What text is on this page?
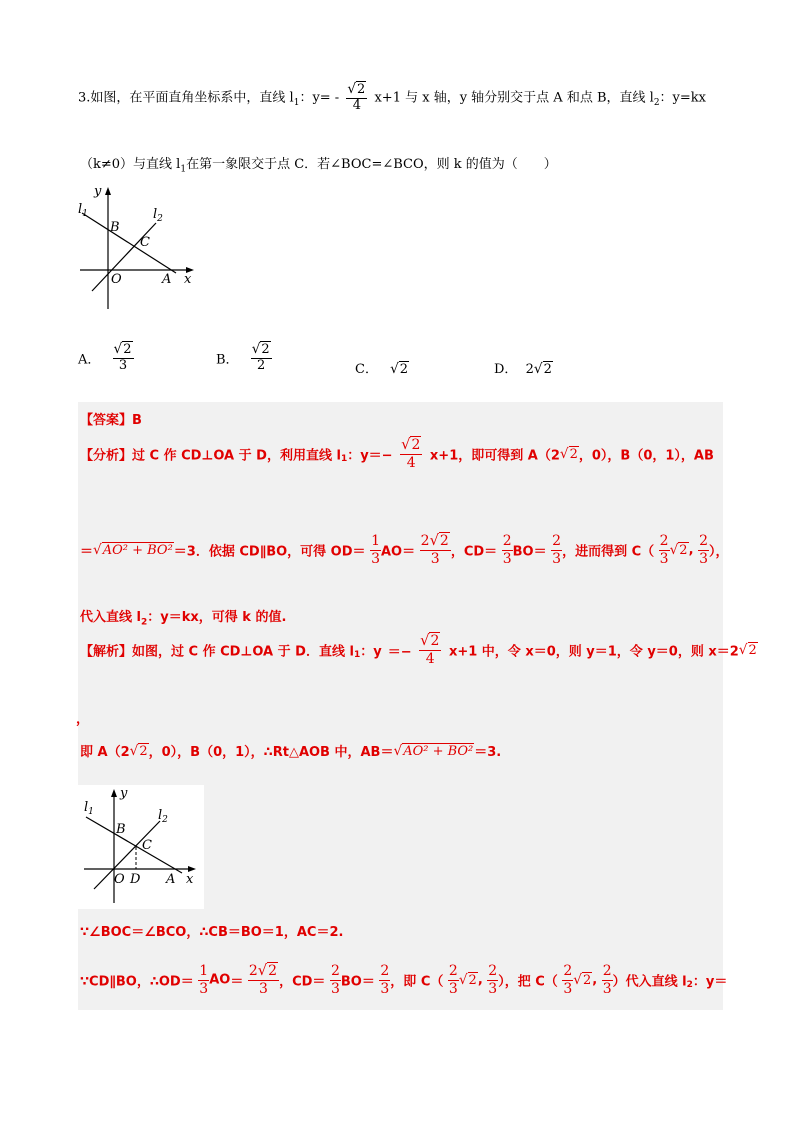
3.如图，在平面直角坐标系中，直线 $l_1$：$y= - \frac{√2}{4} x+1$ 与 x 轴，y 轴分别交于点 A 和点 B，直线 $l_2$：y=kx
（k≠0）与直线 $l_1$在第一象限交于点 C．若∠BOC=∠BCO，则 k 的值为（　　）
y
$l_1$	$l_2$
B
C
O	A x
A． $\frac{√2}{3}$	B． $\frac{√2}{2}$	C． √2	D． 2√2
【答案】B
【分析】过 C 作 CD⊥OA 于 D，利用直线 $l_1$：$y=- \frac{√2}{4} x+1$，即可得到 A（2√2，0），B（0，1），AB
＝√AO² + BO²＝3．依据 CD∥BO，可得 $OD= \frac{1}{3} AO= \frac{2√2}{3}$ ，$CD= \frac{2}{3} BO= \frac{2}{3}$ ，进而得到 $C( \frac{2}{3} √2$, $\frac{2}{3}$ ），
代入直线 $l_2$：y＝kx，可得 k 的值.
【解析】如图，过 C 作 CD⊥OA 于 D．直线 $l_1$：$y =- \frac{√2}{4} x+1$ 中，令 x＝0，则 y＝1，令 y＝0，则 x＝2√2
，
即 A（2√2，0），B（0，1），∴Rt△AOB 中，AB＝√AO² + BO²＝3.
y
$l_1$	$l_2$
B
C
O D A x
∵∠BOC＝∠BCO，∴CB＝BO＝1，AC＝2.
∵CD∥BO，∴OD＝ $\frac{1}{3} AO= \frac{2√2}{3}$ ，$CD= \frac{2}{3} BO= \frac{2}{3}$ ，即 $C( \frac{2}{3} √2$, $\frac{2}{3}$ ），把 $C( \frac{2}{3} √2$, $\frac{2}{3}$ ）代入直线 $l_2$：y＝
